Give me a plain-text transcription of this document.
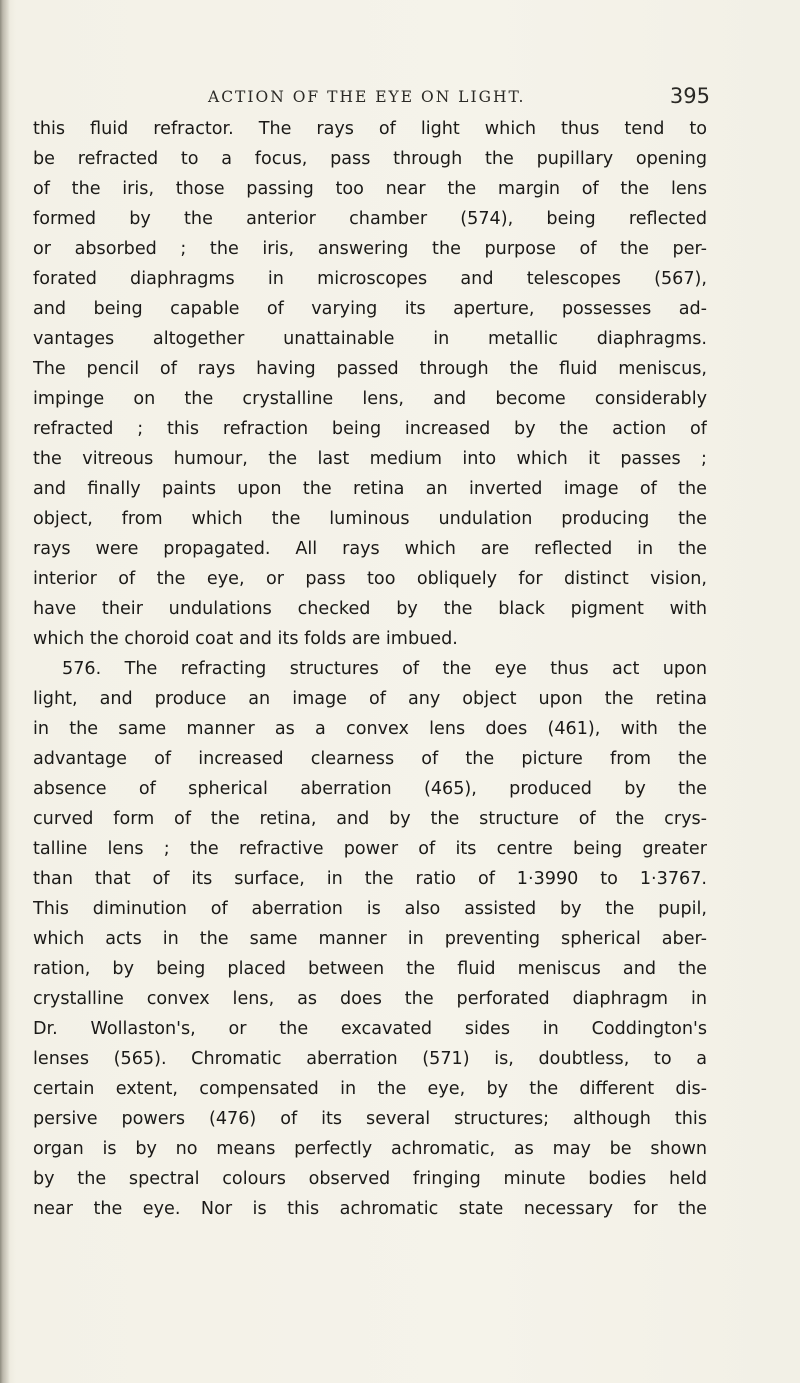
ACTION OF THE EYE ON LIGHT.	395
this fluid refractor. The rays of light which thus tend to
be refracted to a focus, pass through the pupillary opening
of the iris, those passing too near the margin of the lens
formed by the anterior chamber (574), being reflected
or absorbed ; the iris, answering the purpose of the per-
forated diaphragms in microscopes and telescopes (567),
and being capable of varying its aperture, possesses ad-
vantages altogether unattainable in metallic diaphragms.
The pencil of rays having passed through the fluid meniscus,
impinge on the crystalline lens, and become considerably
refracted ; this refraction being increased by the action of
the vitreous humour, the last medium into which it passes ;
and finally paints upon the retina an inverted image of the
object, from which the luminous undulation producing the
rays were propagated. All rays which are reflected in the
interior of the eye, or pass too obliquely for distinct vision,
have their undulations checked by the black pigment with
which the choroid coat and its folds are imbued.
576. The refracting structures of the eye thus act upon
light, and produce an image of any object upon the retina
in the same manner as a convex lens does (461), with the
advantage of increased clearness of the picture from the
absence of spherical aberration (465), produced by the
curved form of the retina, and by the structure of the crys-
talline lens ; the refractive power of its centre being greater
than that of its surface, in the ratio of 1·3990 to 1·3767.
This diminution of aberration is also assisted by the pupil,
which acts in the same manner in preventing spherical aber-
ration, by being placed between the fluid meniscus and the
crystalline convex lens, as does the perforated diaphragm in
Dr. Wollaston's, or the excavated sides in Coddington's
lenses (565). Chromatic aberration (571) is, doubtless, to a
certain extent, compensated in the eye, by the different dis-
persive powers (476) of its several structures; although this
organ is by no means perfectly achromatic, as may be shown
by the spectral colours observed fringing minute bodies held
near the eye. Nor is this achromatic state necessary for the
